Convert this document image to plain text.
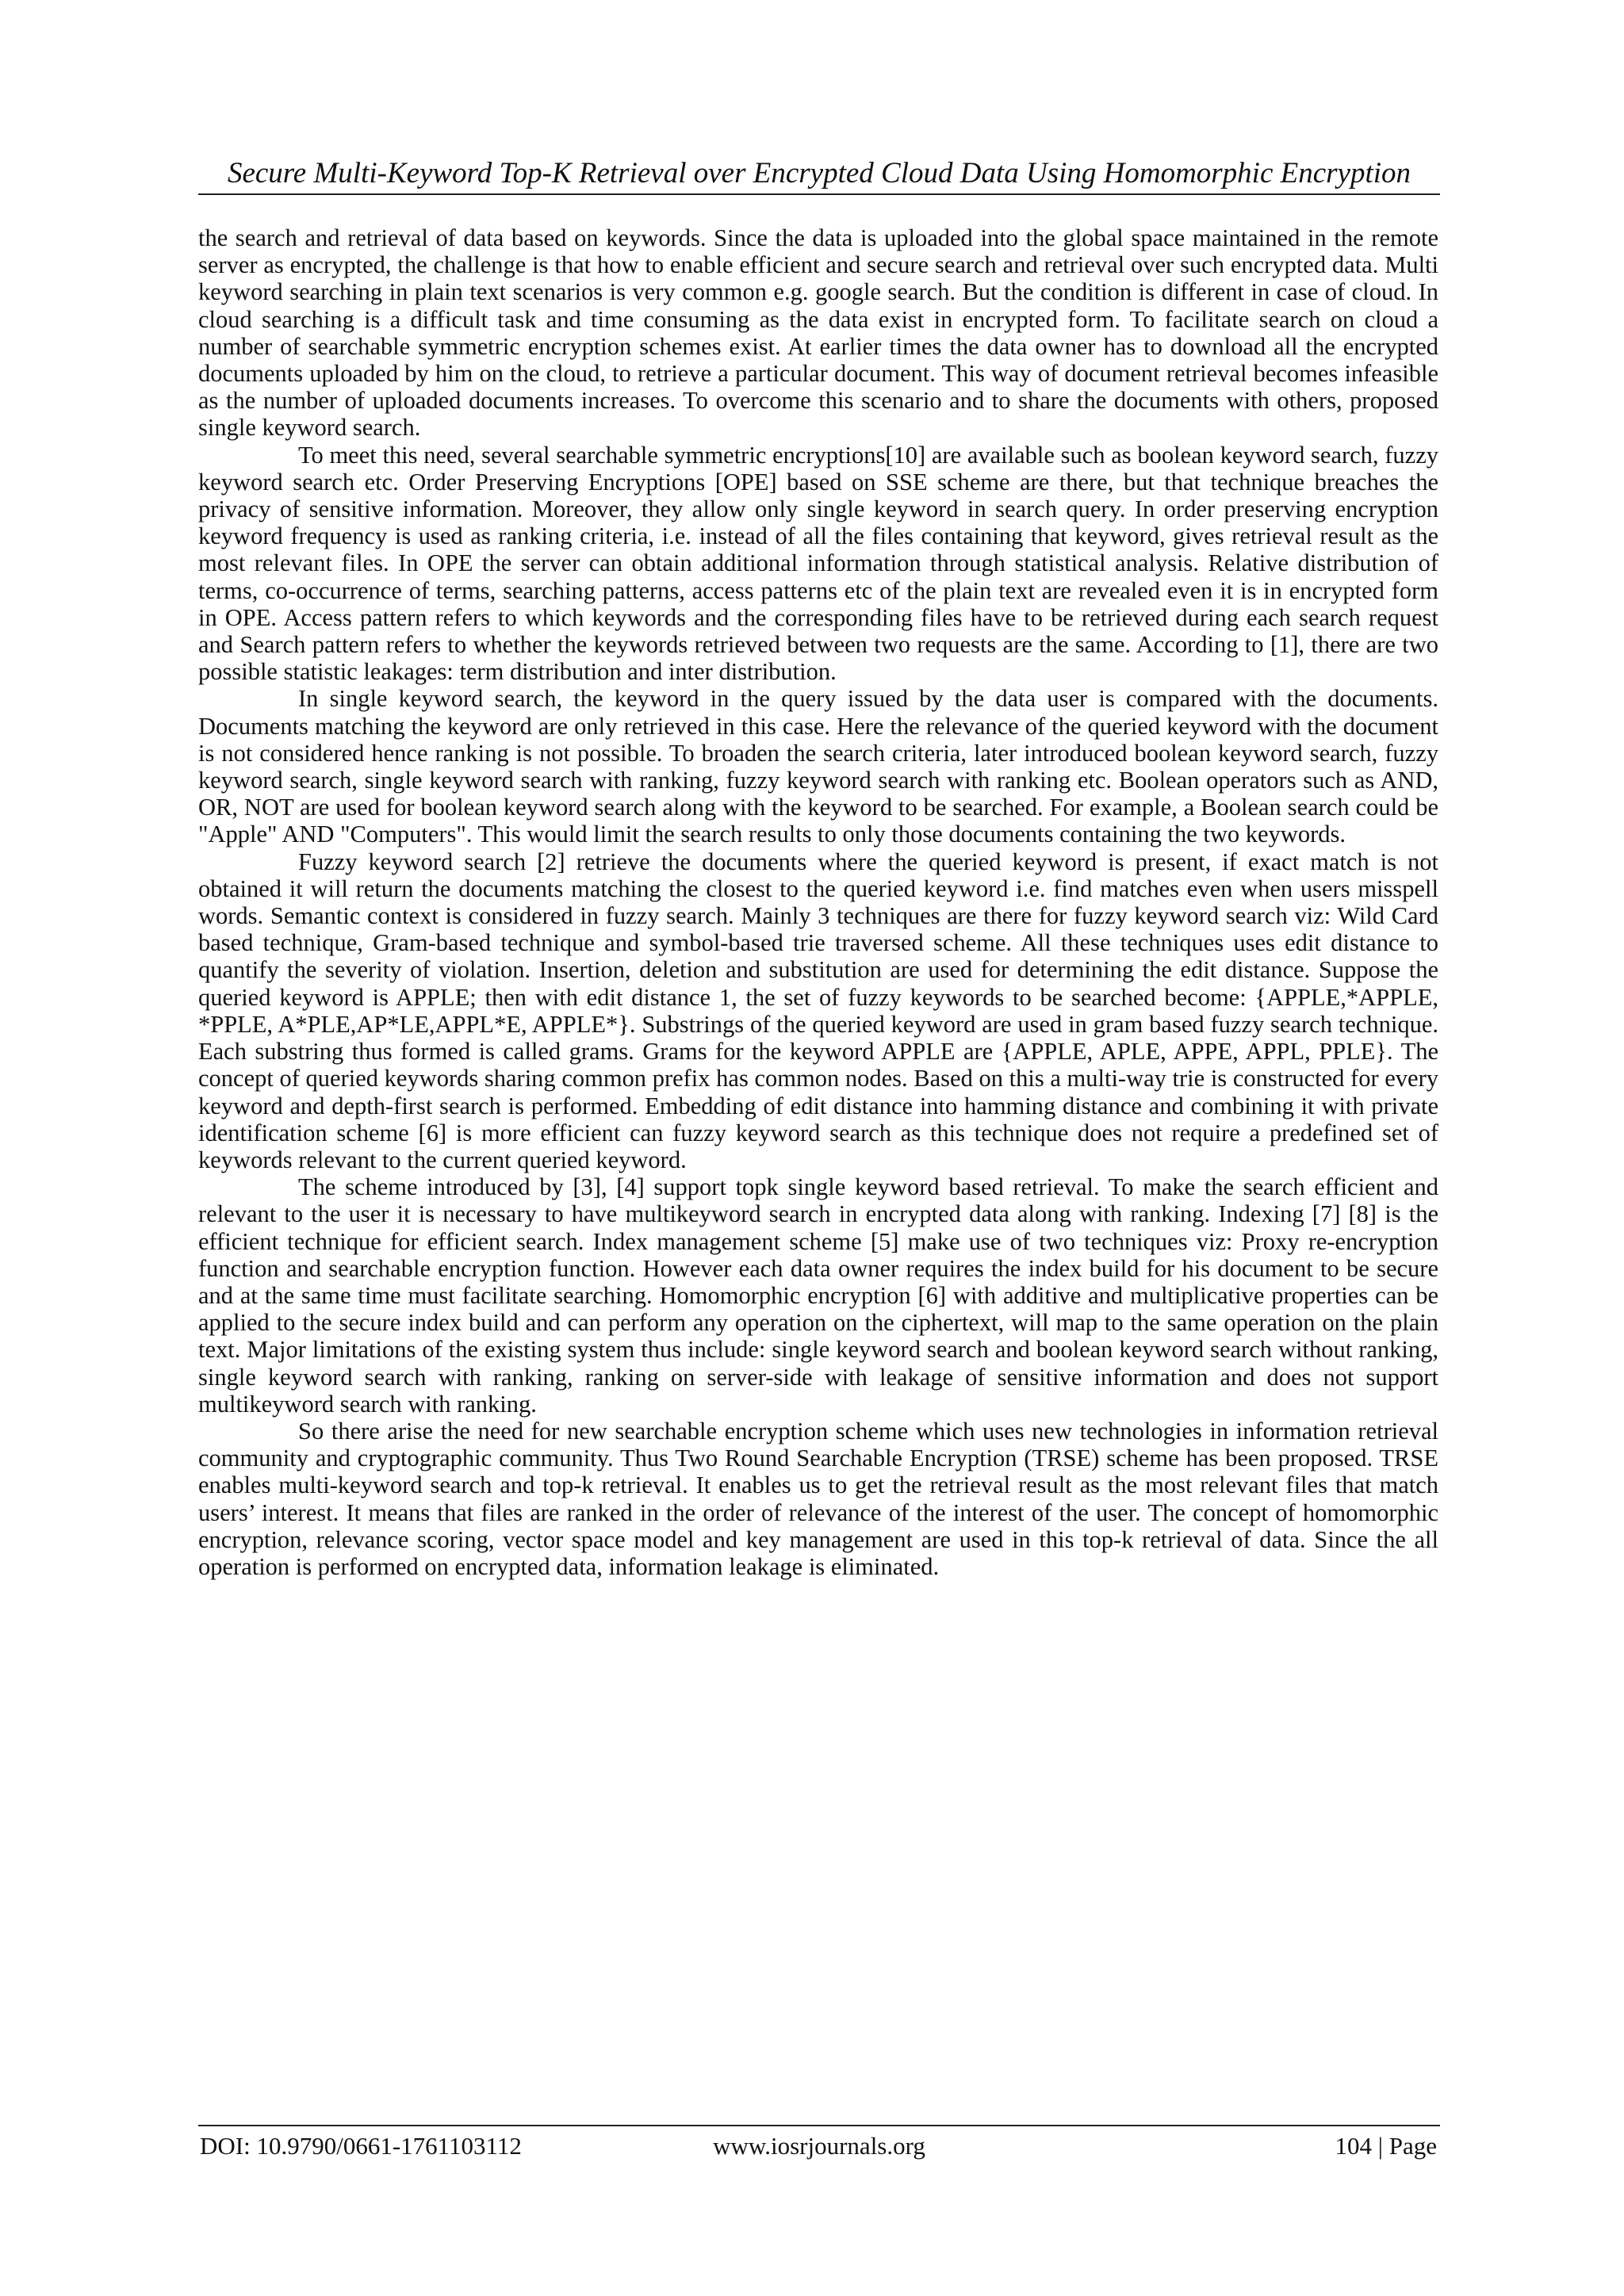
Secure Multi-Keyword Top-K Retrieval over Encrypted Cloud Data Using Homomorphic Encryption

the search and retrieval of data based on keywords. Since the data is uploaded into the global space maintained in the remote server as encrypted, the challenge is that how to enable efficient and secure search and retrieval over such encrypted data. Multi keyword searching in plain text scenarios is very common e.g. google search. But the condition is different in case of cloud. In cloud searching is a difficult task and time consuming as the data exist in encrypted form. To facilitate search on cloud a number of searchable symmetric encryption schemes exist. At earlier times the data owner has to download all the encrypted documents uploaded by him on the cloud, to retrieve a particular document. This way of document retrieval becomes infeasible as the number of uploaded documents increases. To overcome this scenario and to share the documents with others, proposed single keyword search.

To meet this need, several searchable symmetric encryptions[10] are available such as boolean keyword search, fuzzy keyword search etc. Order Preserving Encryptions [OPE] based on SSE scheme are there, but that technique breaches the privacy of sensitive information. Moreover, they allow only single keyword in search query. In order preserving encryption keyword frequency is used as ranking criteria, i.e. instead of all the files containing that keyword, gives retrieval result as the most relevant files. In OPE the server can obtain additional information through statistical analysis. Relative distribution of terms, co-occurrence of terms, searching patterns, access patterns etc of the plain text are revealed even it is in encrypted form in OPE. Access pattern refers to which keywords and the corresponding files have to be retrieved during each search request and Search pattern refers to whether the keywords retrieved between two requests are the same. According to [1], there are two possible statistic leakages: term distribution and inter distribution.

In single keyword search, the keyword in the query issued by the data user is compared with the documents. Documents matching the keyword are only retrieved in this case. Here the relevance of the queried keyword with the document is not considered hence ranking is not possible. To broaden the search criteria, later introduced boolean keyword search, fuzzy keyword search, single keyword search with ranking, fuzzy keyword search with ranking etc. Boolean operators such as AND, OR, NOT are used for boolean keyword search along with the keyword to be searched. For example, a Boolean search could be "Apple" AND "Computers". This would limit the search results to only those documents containing the two keywords.

Fuzzy keyword search [2] retrieve the documents where the queried keyword is present, if exact match is not obtained it will return the documents matching the closest to the queried keyword i.e. find matches even when users misspell words. Semantic context is considered in fuzzy search. Mainly 3 techniques are there for fuzzy keyword search viz: Wild Card based technique, Gram-based technique and symbol-based trie traversed scheme. All these techniques uses edit distance to quantify the severity of violation. Insertion, deletion and substitution are used for determining the edit distance. Suppose the queried keyword is APPLE; then with edit distance 1, the set of fuzzy keywords to be searched become: {APPLE,*APPLE, *PPLE, A*PLE,AP*LE,APPL*E, APPLE*}. Substrings of the queried keyword are used in gram based fuzzy search technique. Each substring thus formed is called grams. Grams for the keyword APPLE are {APPLE, APLE, APPE, APPL, PPLE}. The concept of queried keywords sharing common prefix has common nodes. Based on this a multi-way trie is constructed for every keyword and depth-first search is performed. Embedding of edit distance into hamming distance and combining it with private identification scheme [6] is more efficient can fuzzy keyword search as this technique does not require a predefined set of keywords relevant to the current queried keyword.

The scheme introduced by [3], [4] support topk single keyword based retrieval. To make the search efficient and relevant to the user it is necessary to have multikeyword search in encrypted data along with ranking. Indexing [7] [8] is the efficient technique for efficient search. Index management scheme [5] make use of two techniques viz: Proxy re-encryption function and searchable encryption function. However each data owner requires the index build for his document to be secure and at the same time must facilitate searching. Homomorphic encryption [6] with additive and multiplicative properties can be applied to the secure index build and can perform any operation on the ciphertext, will map to the same operation on the plain text. Major limitations of the existing system thus include: single keyword search and boolean keyword search without ranking, single keyword search with ranking, ranking on server-side with leakage of sensitive information and does not support multikeyword search with ranking.

So there arise the need for new searchable encryption scheme which uses new technologies in information retrieval community and cryptographic community. Thus Two Round Searchable Encryption (TRSE) scheme has been proposed. TRSE enables multi-keyword search and top-k retrieval. It enables us to get the retrieval result as the most relevant files that match users’ interest. It means that files are ranked in the order of relevance of the interest of the user. The concept of homomorphic encryption, relevance scoring, vector space model and key management are used in this top-k retrieval of data. Since the all operation is performed on encrypted data, information leakage is eliminated.

DOI: 10.9790/0661-1761103112	www.iosrjournals.org	104 | Page
